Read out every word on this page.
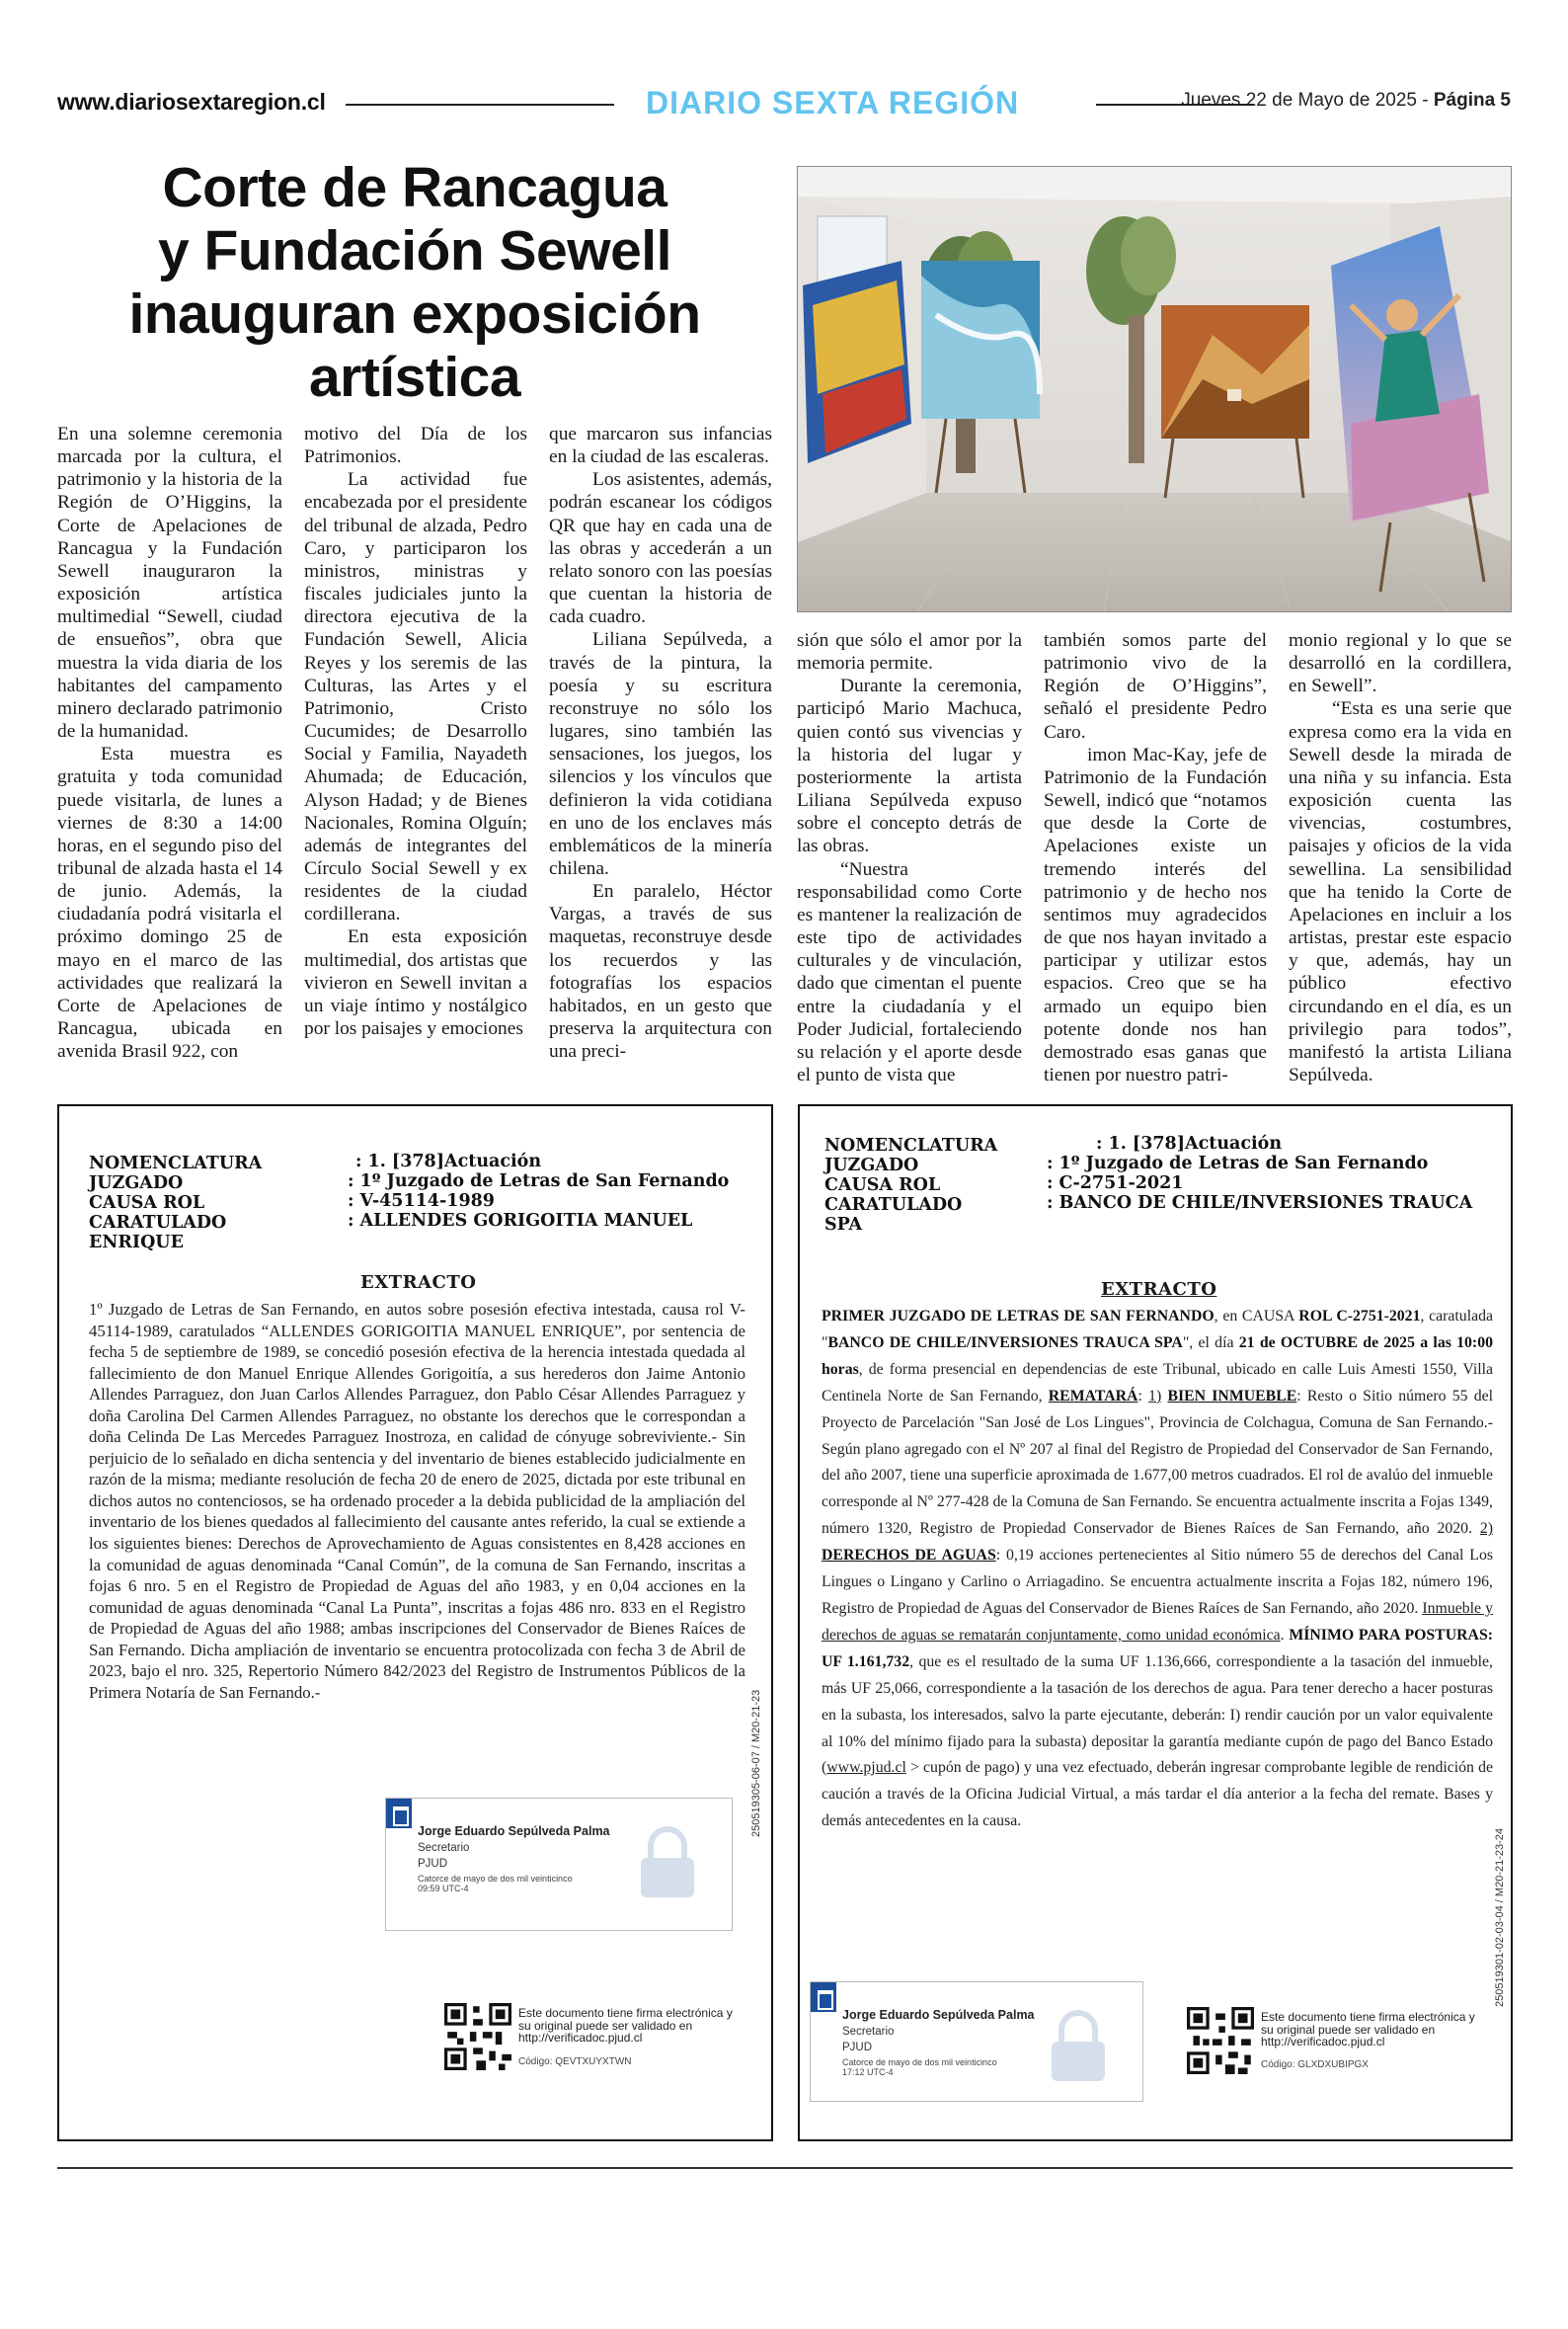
www.diariosextaregion.cl	DIARIO SEXTA REGIÓN	Jueves 22 de Mayo de 2025 - Página 5
Corte de Rancagua
y Fundación Sewell
inauguran exposición
artística

En una solemne ceremonia marcada por la cultura, el patrimonio y la historia de la Región de O’Higgins, la Corte de Apelaciones de Rancagua y la Fundación Sewell inauguraron la exposición artística multimedial “Sewell, ciudad de ensueños”, obra que muestra la vida diaria de los habitantes del campamento minero declarado patrimonio de la humanidad.

Esta muestra es gratuita y toda comunidad puede visitarla, de lunes a viernes de 8:30 a 14:00 horas, en el segundo piso del tribunal de alzada hasta el 14 de junio. Además, la ciudadanía podrá visitarla el próximo domingo 25 de mayo en el marco de las actividades que realizará la Corte de Apelaciones de Rancagua, ubicada en avenida Brasil 922, con

motivo del Día de los Patrimonios.

La actividad fue encabezada por el presidente del tribunal de alzada, Pedro Caro, y participaron los ministros, ministras y fiscales judiciales junto la directora ejecutiva de la Fundación Sewell, Alicia Reyes y los seremis de las Culturas, las Artes y el Patrimonio, Cristo Cucumides; de Desarrollo Social y Familia, Nayadeth Ahumada; de Educación, Alyson Hadad; y de Bienes Nacionales, Romina Olguín; además de integrantes del Círculo Social Sewell y ex residentes de la ciudad cordillerana.

En esta exposición multimedial, dos artistas que vivieron en Sewell invitan a un viaje íntimo y nostálgico por los paisajes y emociones

que marcaron sus infancias en la ciudad de las escaleras.

Los asistentes, además, podrán escanear los códigos QR que hay en cada una de las obras y accederán a un relato sonoro con las poesías que cuentan la historia de cada cuadro.

Liliana Sepúlveda, a través de la pintura, la poesía y su escritura reconstruye no sólo los lugares, sino también las sensaciones, los juegos, los silencios y los vínculos que definieron la vida cotidiana en uno de los enclaves más emblemáticos de la minería chilena.

En paralelo, Héctor Vargas, a través de sus maquetas, reconstruye desde los recuerdos y las fotografías los espacios habitados, en un gesto que preserva la arquitectura con una preci-

sión que sólo el amor por la memoria permite.

Durante la ceremonia, participó Mario Machuca, quien contó sus vivencias y la historia del lugar y posteriormente la artista Liliana Sepúlveda expuso sobre el concepto detrás de las obras.

“Nuestra responsabilidad como Corte es mantener la realización de este tipo de actividades culturales y de vinculación, dado que cimentan el puente entre la ciudadanía y el Poder Judicial, fortaleciendo su relación y el aporte desde el punto de vista que

también somos parte del patrimonio vivo de la Región de O’Higgins”, señaló el presidente Pedro Caro.

imon Mac-Kay, jefe de Patrimonio de la Fundación Sewell, indicó que “notamos que desde la Corte de Apelaciones existe un tremendo interés del patrimonio y de hecho nos sentimos muy agradecidos de que nos hayan invitado a participar y utilizar estos espacios. Creo que se ha armado un equipo bien potente donde nos han demostrado esas ganas que tienen por nuestro patri-

monio regional y lo que se desarrolló en la cordillera, en Sewell”.

“Esta es una serie que expresa como era la vida en Sewell desde la mirada de una niña y su infancia. Esta exposición cuenta las vivencias, costumbres, paisajes y oficios de la vida sewellina. La sensibilidad que ha tenido la Corte de Apelaciones en incluir a los artistas, prestar este espacio y que, además, hay un público efectivo circundando en el día, es un privilegio para todos”, manifestó la artista Liliana Sepúlveda.

NOMENCLATURA	: 1. [378]Actuación
JUZGADO	: 1º Juzgado de Letras de San Fernando
CAUSA ROL	: V-45114-1989
CARATULADO	: ALLENDES GORIGOITIA MANUEL
ENRIQUE
EXTRACTO
1º Juzgado de Letras de San Fernando, en autos sobre posesión efectiva intestada, causa rol V-45114-1989, caratulados “ALLENDES GORIGOITIA MANUEL ENRIQUE”, por sentencia de fecha 5 de septiembre de 1989, se concedió posesión efectiva de la herencia intestada quedada al fallecimiento de don Manuel Enrique Allendes Gorigoitía, a sus herederos don Jaime Antonio Allendes Parraguez, don Juan Carlos Allendes Parraguez, don Pablo César Allendes Parraguez y doña Carolina Del Carmen Allendes Parraguez, no obstante los derechos que le correspondan a doña Celinda De Las Mercedes Parraguez Inostroza, en calidad de cónyuge sobreviviente.- Sin perjuicio de lo señalado en dicha sentencia y del inventario de bienes establecido judicialmente en razón de la misma; mediante resolución de fecha 20 de enero de 2025, dictada por este tribunal en dichos autos no contenciosos, se ha ordenado proceder a la debida publicidad de la ampliación del inventario de los bienes quedados al fallecimiento del causante antes referido, la cual se extiende a los siguientes bienes: Derechos de Aprovechamiento de Aguas consistentes en 8,428 acciones en la comunidad de aguas denominada “Canal Común”, de la comuna de San Fernando, inscritas a fojas 6 nro. 5 en el Registro de Propiedad de Aguas del año 1983, y en 0,04 acciones en la comunidad de aguas denominada “Canal La Punta”, inscritas a fojas 486 nro. 833 en el Registro de Propiedad de Aguas del año 1988; ambas inscripciones del Conservador de Bienes Raíces de San Fernando. Dicha ampliación de inventario se encuentra protocolizada con fecha 3 de Abril de 2023, bajo el nro. 325, Repertorio Número 842/2023 del Registro de Instrumentos Públicos de la Primera Notaría de San Fernando.-	250519305-06-07 / M20-21-23
Jorge Eduardo Sepúlveda Palma
Secretario
PJUD
Catorce de mayo de dos mil veinticinco 09:59 UTC-4
Este documento tiene firma electrónica y su original puede ser validado en http://verificadoc.pjud.cl
Código: QEVTXUYXTWN
NOMENCLATURA	: 1. [378]Actuación
JUZGADO	: 1º Juzgado de Letras de San Fernando
CAUSA ROL	: C-2751-2021
CARATULADO	: BANCO DE CHILE/INVERSIONES TRAUCA
SPA
EXTRACTO
PRIMER JUZGADO DE LETRAS DE SAN FERNANDO, en CAUSA ROL C-2751-2021, caratulada "BANCO DE CHILE/INVERSIONES TRAUCA SPA", el día 21 de OCTUBRE de 2025 a las 10:00 horas, de forma presencial en dependencias de este Tribunal, ubicado en calle Luis Amesti 1550, Villa Centinela Norte de San Fernando, REMATARÁ: 1) BIEN INMUEBLE: Resto o Sitio número 55 del Proyecto de Parcelación "San José de Los Lingues", Provincia de Colchagua, Comuna de San Fernando.- Según plano agregado con el Nº 207 al final del Registro de Propiedad del Conservador de San Fernando, del año 2007, tiene una superficie aproximada de 1.677,00 metros cuadrados. El rol de avalúo del inmueble corresponde al Nº 277-428 de la Comuna de San Fernando. Se encuentra actualmente inscrita a Fojas 1349, número 1320, Registro de Propiedad Conservador de Bienes Raíces de San Fernando, año 2020. 2) DERECHOS DE AGUAS: 0,19 acciones pertenecientes al Sitio número 55 de derechos del Canal Los Lingues o Lingano y Carlino o Arriagadino. Se encuentra actualmente inscrita a Fojas 182, número 196, Registro de Propiedad de Aguas del Conservador de Bienes Raíces de San Fernando, año 2020. Inmueble y derechos de aguas se rematarán conjuntamente, como unidad económica. MÍNIMO PARA POSTURAS: UF 1.161,732, que es el resultado de la suma UF 1.136,666, correspondiente a la tasación del inmueble, más UF 25,066, correspondiente a la tasación de los derechos de agua. Para tener derecho a hacer posturas en la subasta, los interesados, salvo la parte ejecutante, deberán: I) rendir caución por un valor equivalente al 10% del mínimo fijado para la subasta) depositar la garantía mediante cupón de pago del Banco Estado (www.pjud.cl > cupón de pago) y una vez efectuado, deberán ingresar comprobante legible de rendición de caución a través de la Oficina Judicial Virtual, a más tardar el día anterior a la fecha del remate. Bases y demás antecedentes en la causa.
250519301-02-03-04 / M20-21-23-24
Jorge Eduardo Sepúlveda Palma
Secretario
PJUD
Catorce de mayo de dos mil veinticinco 17:12 UTC-4
Este documento tiene firma electrónica y su original puede ser validado en http://verificadoc.pjud.cl
Código: GLXDXUBIPGX
